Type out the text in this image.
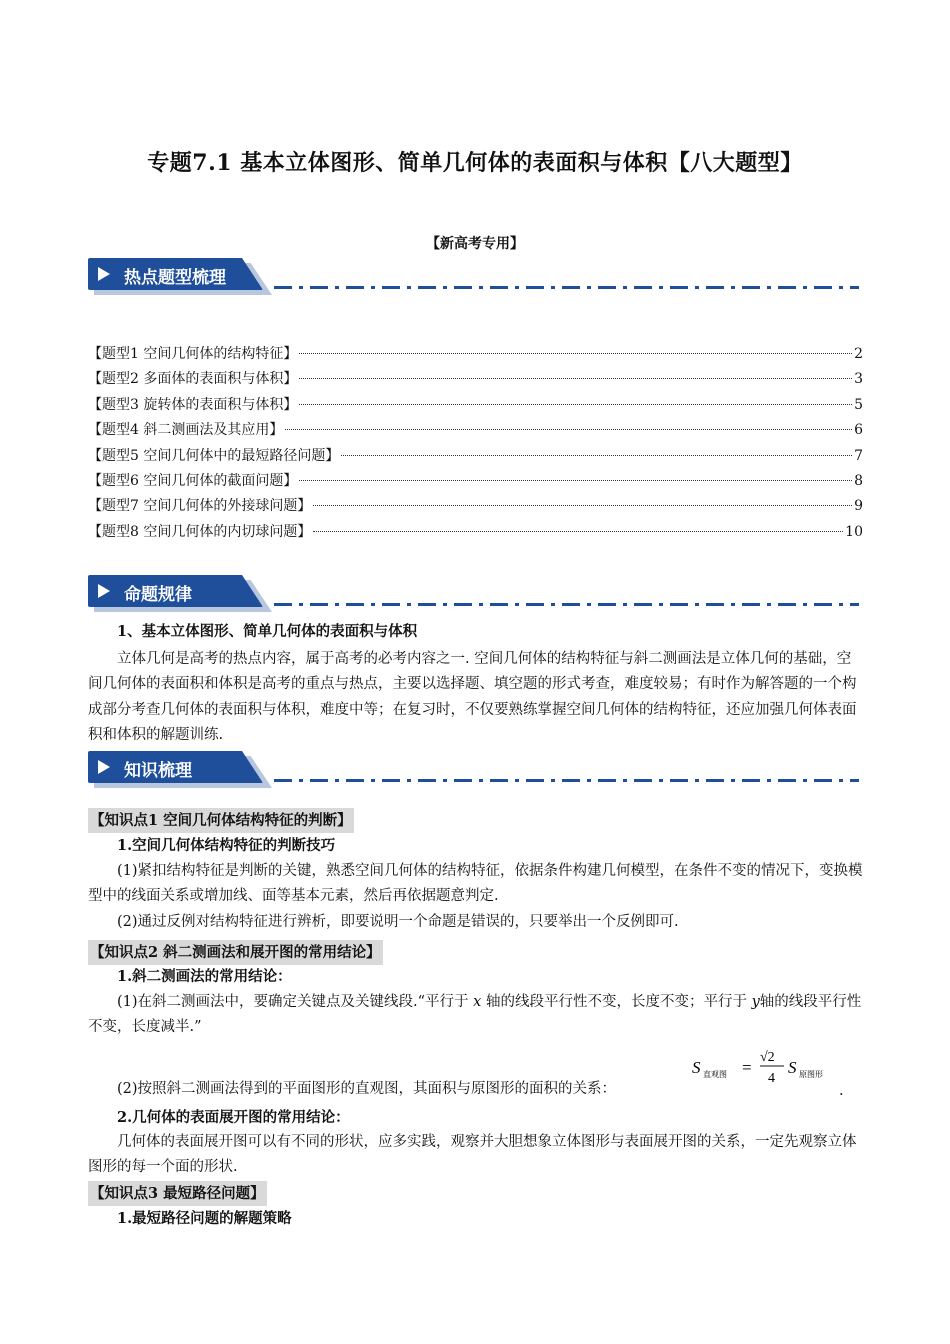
专题7.1 基本立体图形、简单几何体的表面积与体积【八大题型】
【新高考专用】
热点题型梳理
【题型1 空间几何体的结构特征】	2
【题型2 多面体的表面积与体积】	3
【题型3 旋转体的表面积与体积】	5
【题型4 斜二测画法及其应用】	6
【题型5 空间几何体中的最短路径问题】	7
【题型6 空间几何体的截面问题】	8
【题型7 空间几何体的外接球问题】	9
【题型8 空间几何体的内切球问题】	10
命题规律
1、基本立体图形、简单几何体的表面积与体积
立体几何是高考的热点内容，属于高考的必考内容之一. 空间几何体的结构特征与斜二测画法是立体几何的基础，空间几何体的表面积和体积是高考的重点与热点，主要以选择题、填空题的形式考查，难度较易；有时作为解答题的一个构成部分考查几何体的表面积与体积，难度中等；在复习时，不仅要熟练掌握空间几何体的结构特征，还应加强几何体表面积和体积的解题训练.
知识梳理
【知识点1 空间几何体结构特征的判断】
1.空间几何体结构特征的判断技巧
(1)紧扣结构特征是判断的关键，熟悉空间几何体的结构特征，依据条件构建几何模型，在条件不变的情况下，变换模型中的线面关系或增加线、面等基本元素，然后再依据题意判定.
(2)通过反例对结构特征进行辨析，即要说明一个命题是错误的，只要举出一个反例即可.
【知识点2 斜二测画法和展开图的常用结论】
1.斜二测画法的常用结论：
(1)在斜二测画法中，要确定关键点及关键线段.“平行于 x 轴的线段平行性不变，长度不变；平行于 y轴的线段平行性不变，长度减半.”
(2)按照斜二测画法得到的平面图形的直观图，其面积与原图形的面积的关系：
S 直观图 =
√2
4
S 原图形
.
2.几何体的表面展开图的常用结论：
几何体的表面展开图可以有不同的形状，应多实践，观察并大胆想象立体图形与表面展开图的关系，一定先观察立体图形的每一个面的形状.
【知识点3 最短路径问题】
1.最短路径问题的解题策略
